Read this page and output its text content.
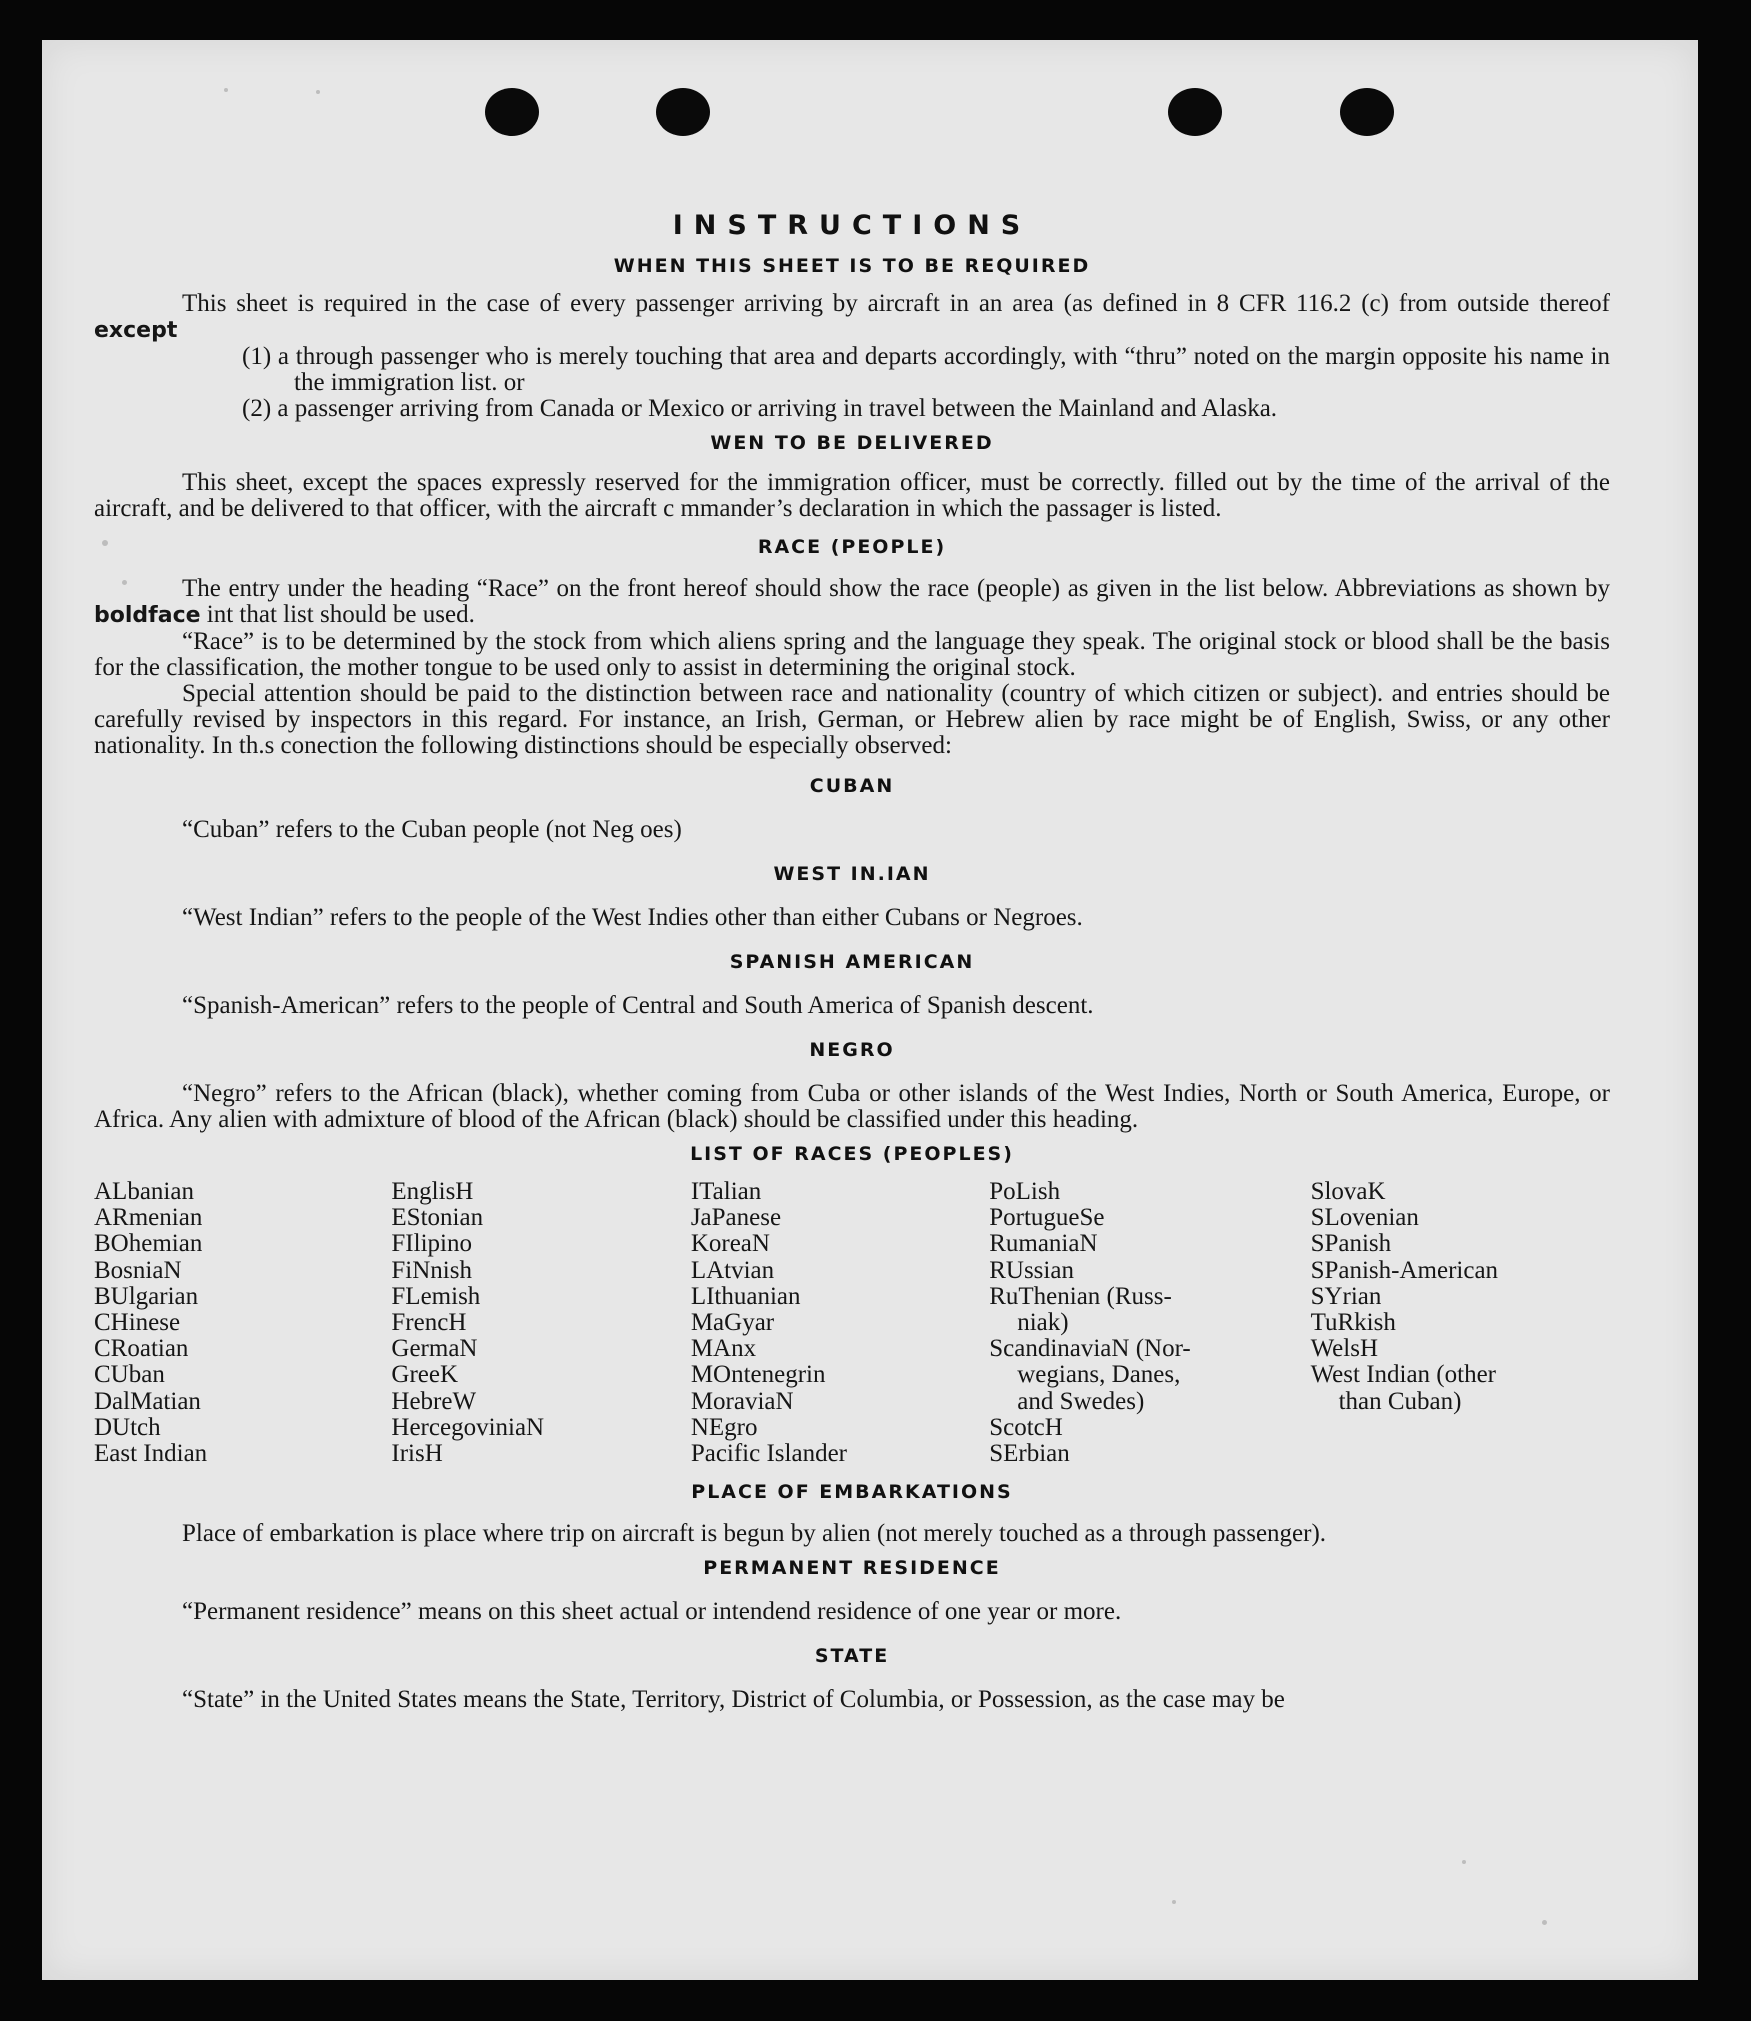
INSTRUCTIONS
WHEN THIS SHEET IS TO BE REQUIRED

This sheet is required in the case of every passenger arriving by aircraft in an area (as defined in 8 CFR 116.2 (c) from outside thereof except

(1) a through passenger who is merely touching that area and departs accordingly, with “thru” noted on the margin opposite his name in the immigration list. or

(2) a passenger arriving from Canada or Mexico or arriving in travel between the Mainland and Alaska.

WEN TO BE DELIVERED

This sheet, except the spaces expressly reserved for the immigration officer, must be correctly. filled out by the time of the arrival of the aircraft, and be delivered to that officer, with the aircraft c mmander’s declaration in which the passager is listed.

RACE (PEOPLE)

The entry under the heading “Race” on the front hereof should show the race (people) as given in the list below. Abbreviations as shown by boldface int that list should be used.

“Race” is to be determined by the stock from which aliens spring and the language they speak. The original stock or blood shall be the basis for the classification, the mother tongue to be used only to assist in determining the original stock.

Special attention should be paid to the distinction between race and nationality (country of which citizen or subject). and entries should be carefully revised by inspectors in this regard. For instance, an Irish, German, or Hebrew alien by race might be of English, Swiss, or any other nationality. In th.s conection the following distinctions should be especially observed:

CUBAN

“Cuban” refers to the Cuban people (not Neg oes)

WEST IN.IAN

“West Indian” refers to the people of the West Indies other than either Cubans or Negroes.

SPANISH AMERICAN

“Spanish-American” refers to the people of Central and South America of Spanish descent.

NEGRO

“Negro” refers to the African (black), whether coming from Cuba or other islands of the West Indies, North or South America, Europe, or Africa. Any alien with admixture of blood of the African (black) should be classified under this heading.

LIST OF RACES (PEOPLES)
ALbanian
ARmenian
BOhemian
BosniaN
BUlgarian
CHinese
CRoatian
CUban
DalMatian
DUtch
East Indian
EnglisH
EStonian
FIlipino
FiNnish
FLemish
FrencH
GermaN
GreeK
HebreW
HercegoviniaN
IrisH
ITalian
JaPanese
KoreaN
LAtvian
LIthuanian
MaGyar
MAnx
MOntenegrin
MoraviaN
NEgro
Pacific Islander
PoLish
PortugueSe
RumaniaN
RUssian
RuThenian (Russ-
niak)
ScandinaviaN (Nor-
wegians, Danes,
and Swedes)
ScotcH
SErbian
SlovaK
SLovenian
SPanish
SPanish-American
SYrian
TuRkish
WelsH
West Indian (other
than Cuban)
PLACE OF EMBARKATIONS

Place of embarkation is place where trip on aircraft is begun by alien (not merely touched as a through passenger).

PERMANENT RESIDENCE

“Permanent residence” means on this sheet actual or intendend residence of one year or more.

STATE

“State” in the United States means the State, Territory, District of Columbia, or Possession, as the case may be
